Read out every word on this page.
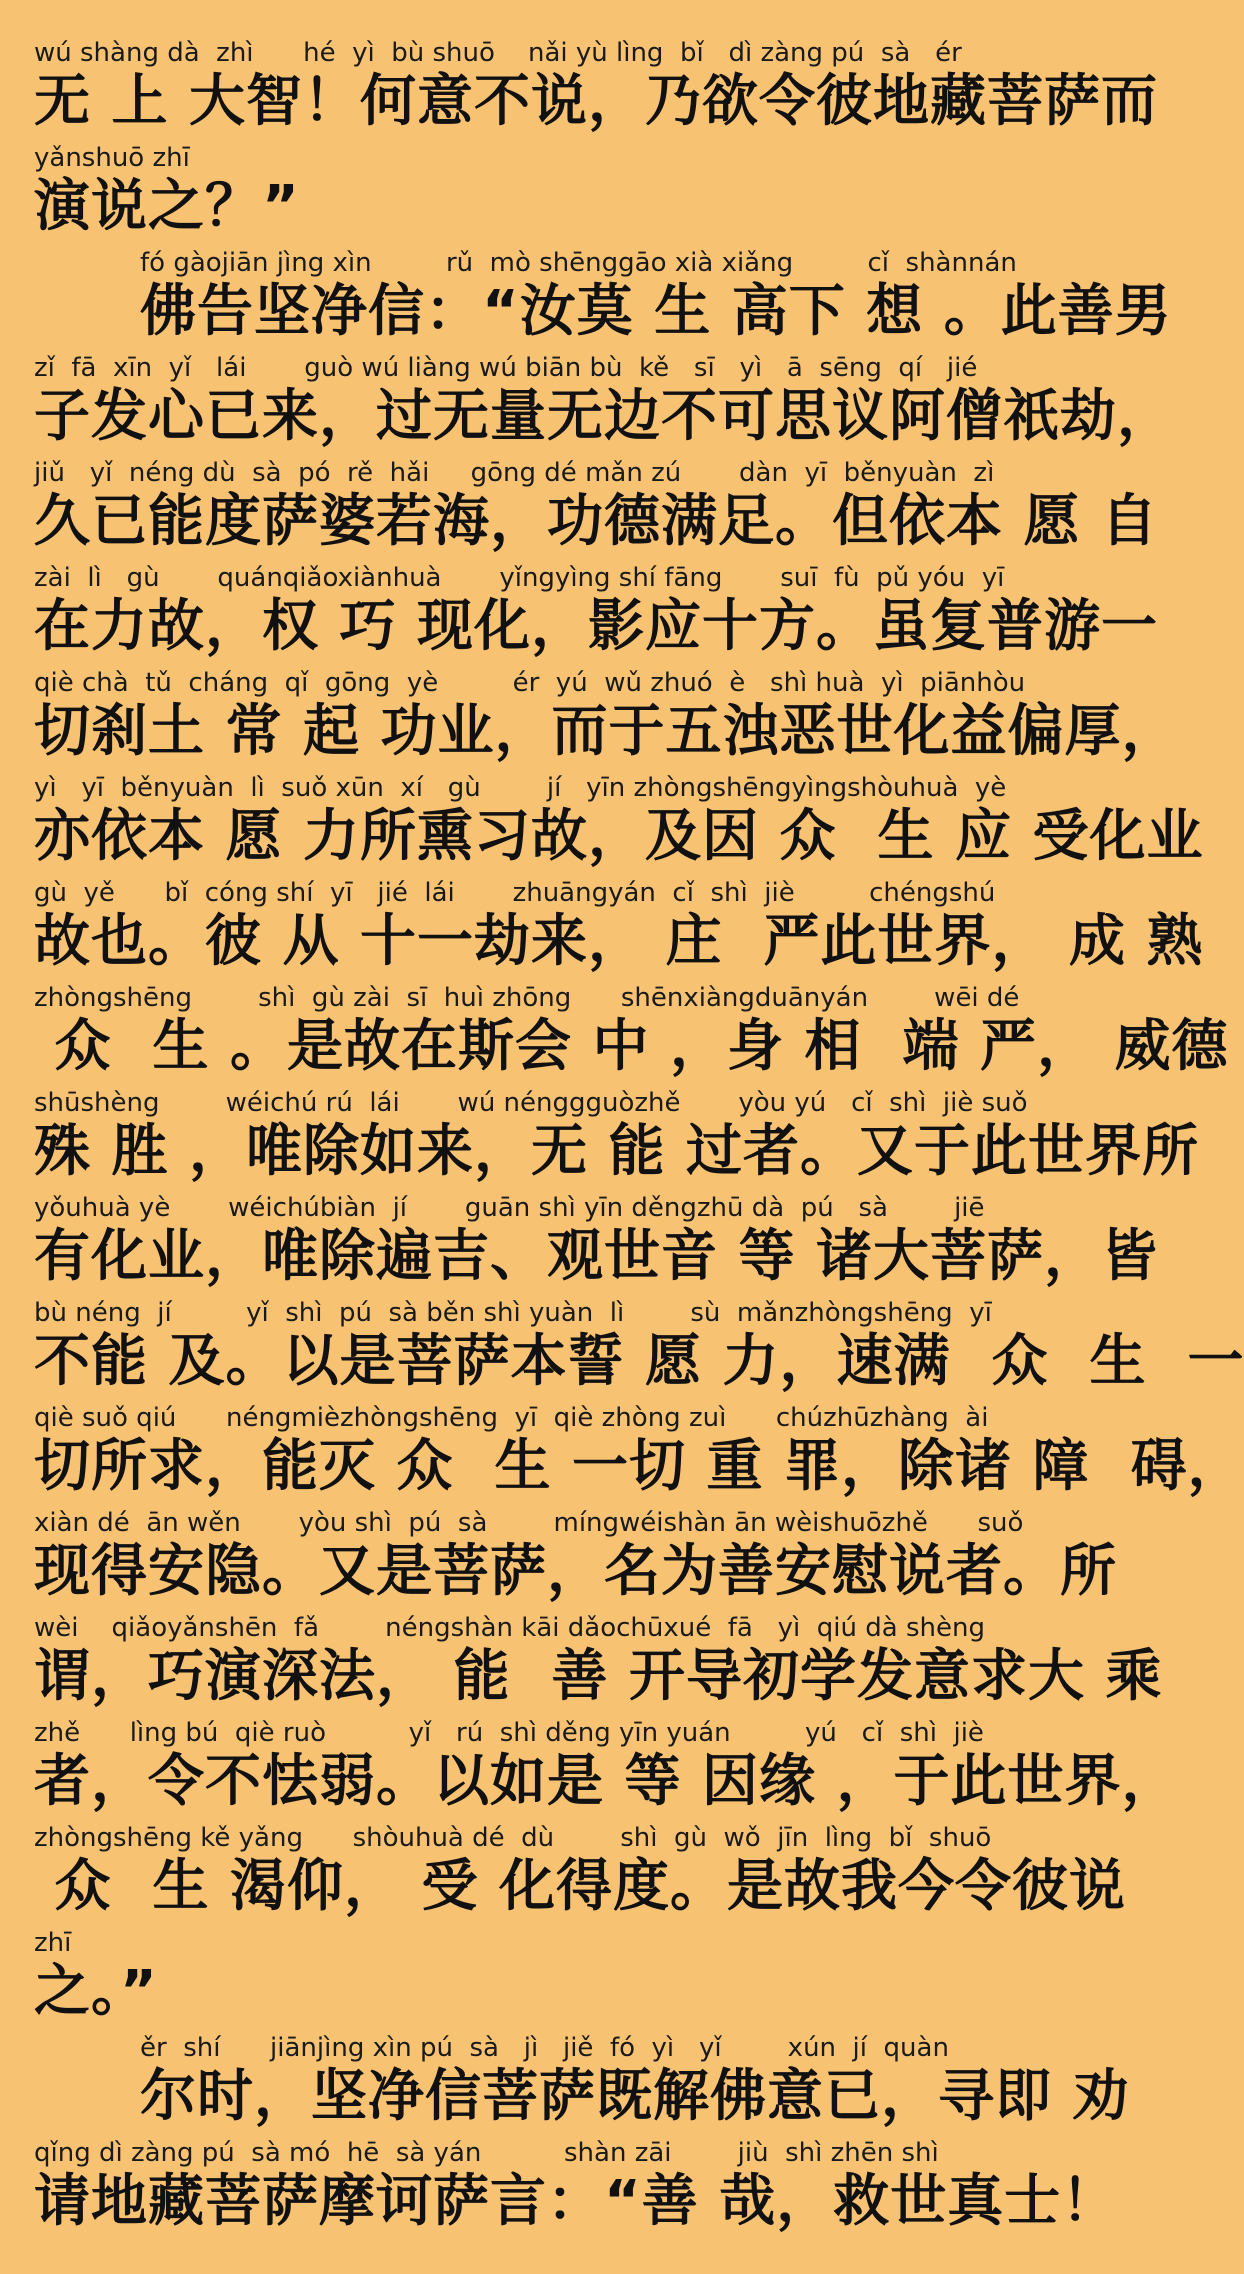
wú shàng dà  zhì      hé  yì  bù shuō    nǎi yù lìng  bǐ   dì zàng pú  sà   ér
无 上 大智！何意不说，乃欲令彼地藏菩萨而
yǎnshuō zhī
演说之？”
fó gàojiān jìng xìn         rǔ  mò shēnggāo xià xiǎng         cǐ  shànnán
佛告坚净信：“汝莫 生 高下 想 。此善男
zǐ  fā  xīn  yǐ   lái       guò wú liàng wú biān bù  kě   sī   yì   ā  sēng  qí   jié
子发心已来，过无量无边不可思议阿僧祇劫，
jiǔ   yǐ  néng dù  sà  pó  rě  hǎi     gōng dé mǎn zú       dàn  yī  běnyuàn  zì
久已能度萨婆若海，功德满足。但依本 愿 自
zài  lì   gù       quánqiǎoxiànhuà       yǐngyìng shí fāng       suī  fù  pǔ yóu  yī
在力故，权 巧 现化，影应十方。虽复普游一
qiè chà  tǔ  cháng  qǐ  gōng  yè         ér  yú  wǔ zhuó  è   shì huà  yì  piānhòu
切刹土 常 起 功业，而于五浊恶世化益偏厚，
yì   yī  běnyuàn  lì  suǒ xūn  xí   gù        jí   yīn zhòngshēngyìngshòuhuà  yè
亦依本 愿 力所熏习故，及因 众  生 应 受化业
gù  yě      bǐ  cóng shí  yī   jié  lái       zhuāngyán  cǐ  shì  jiè         chéngshú
故也。彼 从 十一劫来， 庄  严此世界， 成 熟
zhòngshēng        shì  gù zài  sī  huì zhōng      shēnxiàngduānyán        wēi dé
众  生 。是故在斯会 中 ，身 相  端 严， 威德
shūshèng        wéichú rú  lái       wú nénggguòzhě       yòu yú   cǐ  shì  jiè suǒ
殊 胜 ，唯除如来，无 能 过者。又于此世界所
yǒuhuà yè       wéichúbiàn  jí       guān shì yīn děngzhū dà  pú   sà        jiē
有化业，唯除遍吉、观世音 等 诸大菩萨，皆
bù néng  jí         yǐ  shì  pú  sà běn shì yuàn  lì        sù  mǎnzhòngshēng  yī
不能 及。以是菩萨本誓 愿 力，速满  众  生  一
qiè suǒ qiú      néngmièzhòngshēng  yī  qiè zhòng zuì      chúzhūzhàng  ài
切所求，能灭 众  生 一切 重 罪，除诸 障  碍，
xiàn dé  ān wěn       yòu shì  pú  sà        míngwéishàn ān wèishuōzhě      suǒ
现得安隐。又是菩萨，名为善安慰说者。所
wèi    qiǎoyǎnshēn  fǎ        néngshàn kāi dǎochūxué  fā   yì  qiú dà shèng
谓，巧演深法， 能  善 开导初学发意求大 乘
zhě      lìng bú  qiè ruò          yǐ   rú  shì děng yīn yuán         yú   cǐ  shì  jiè
者，令不怯弱。以如是 等 因缘 ，于此世界，
zhòngshēng kě yǎng      shòuhuà dé  dù        shì  gù  wǒ  jīn  lìng  bǐ  shuō
众  生 渴仰， 受 化得度。是故我今令彼说
zhī
之。”
ěr  shí      jiānjìng xìn pú  sà   jì   jiě  fó  yì   yǐ        xún  jí  quàn
尔时，坚净信菩萨既解佛意已，寻即 劝
qǐng dì zàng pú  sà mó  hē  sà yán          shàn zāi        jiù  shì zhēn shì
请地藏菩萨摩诃萨言：“善 哉，救世真士！
